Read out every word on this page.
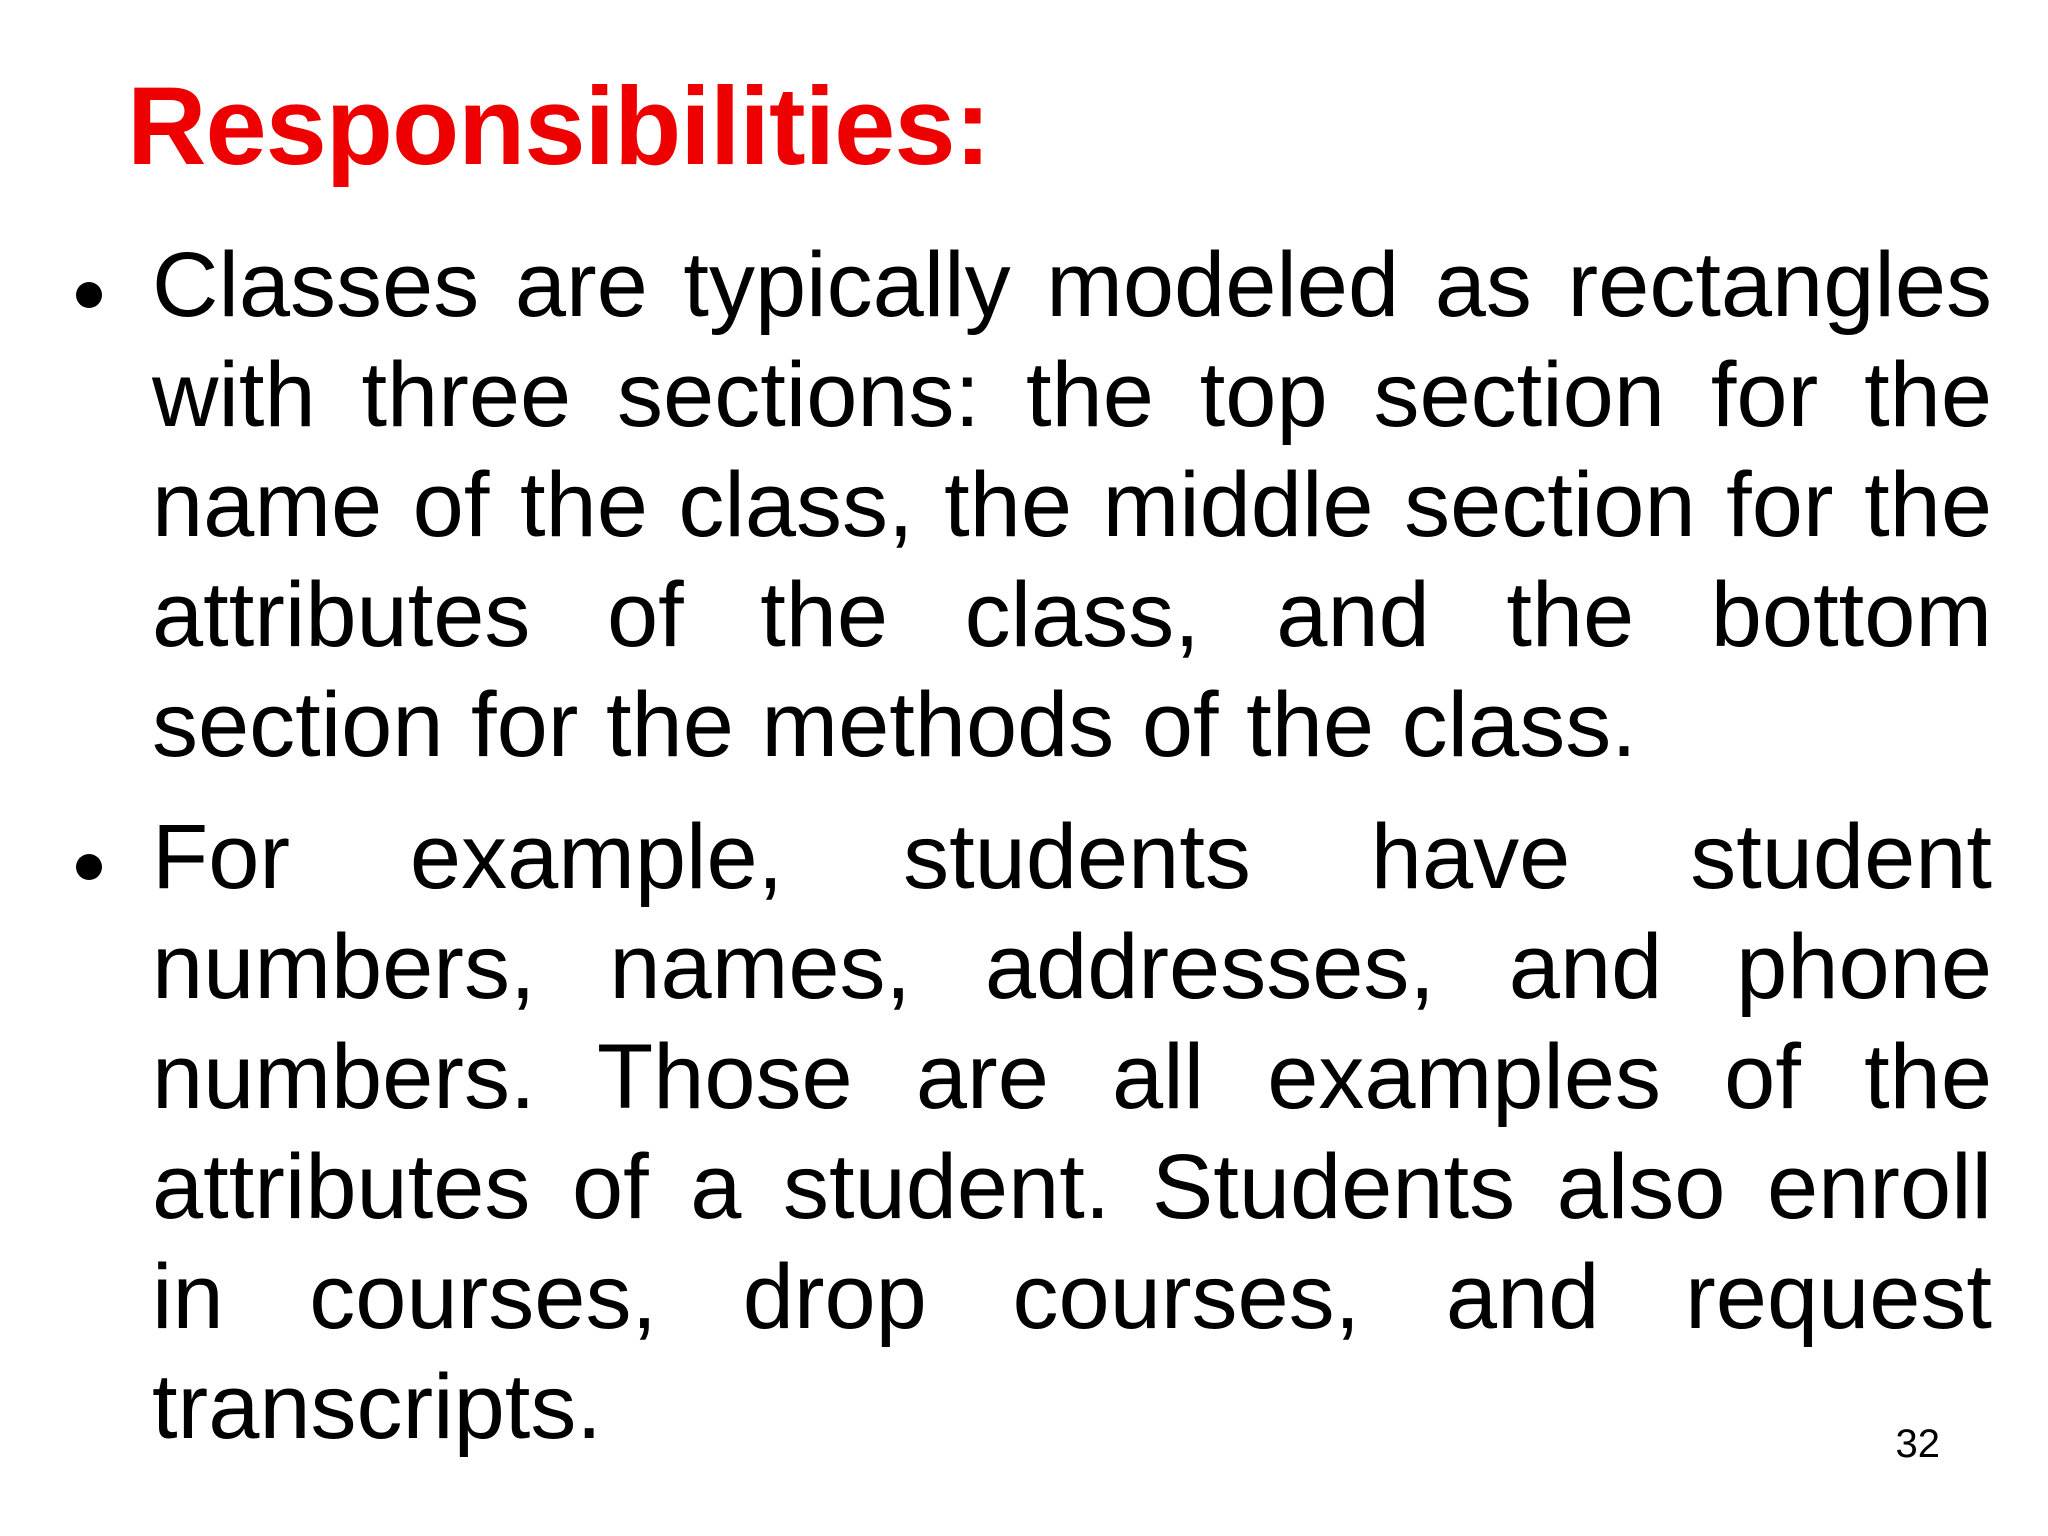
Responsibilities:
Classes are typically modeled as rectangles with three sections: the top section for the name of the class, the middle section for the attributes of the class, and the bottom section for the methods of the class.
For example, students have student numbers, names, addresses, and phone numbers. Those are all examples of the attributes of a student. Students also enroll in courses, drop courses, and request transcripts.	32
